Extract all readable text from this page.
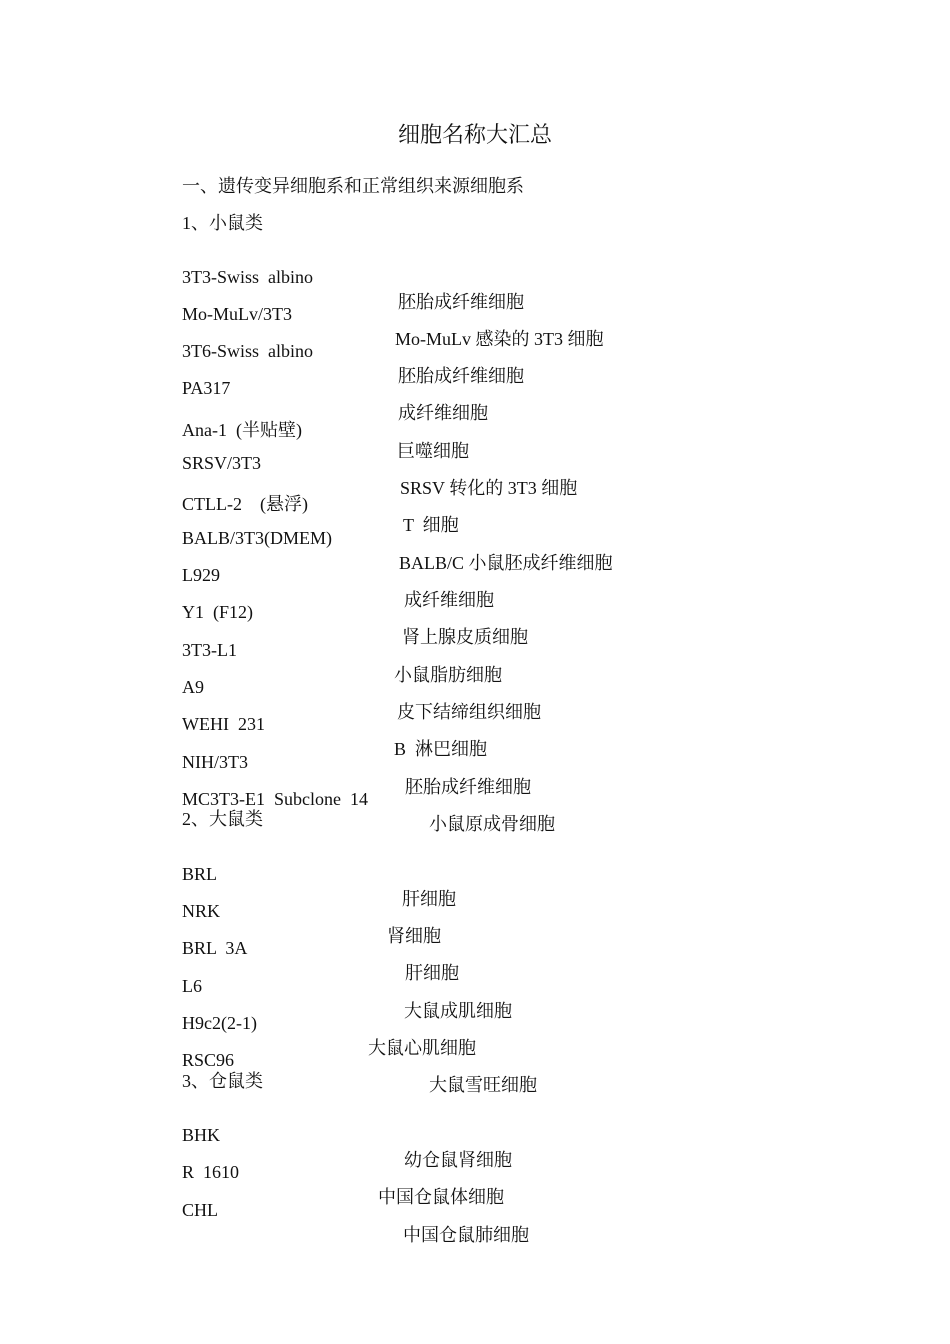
细胞名称大汇总
一、遗传变异细胞系和正常组织来源细胞系
1、小鼠类

3T3-Swiss  albino

胚胎成纤维细胞

Mo-MuLv/3T3

Mo-MuLv 感染的 3T3 细胞

3T6-Swiss  albino

胚胎成纤维细胞

PA317

成纤维细胞

Ana-1  (半贴壁)

巨噬细胞

SRSV/3T3

SRSV 转化的 3T3 细胞

CTLL-2    (悬浮)

T  细胞

BALB/3T3(DMEM)

BALB/C 小鼠胚成纤维细胞

L929

成纤维细胞

Y1  (F12)

肾上腺皮质细胞

3T3-L1

小鼠脂肪细胞

A9

皮下结缔组织细胞

WEHI  231

B  淋巴细胞

NIH/3T3

胚胎成纤维细胞

MC3T3-E1  Subclone  14

小鼠原成骨细胞

2、大鼠类

BRL

肝细胞

NRK

肾细胞

BRL  3A

肝细胞

L6

大鼠成肌细胞

H9c2(2-1)

大鼠心肌细胞

RSC96

大鼠雪旺细胞

3、仓鼠类

BHK

幼仓鼠肾细胞

R  1610

中国仓鼠体细胞

CHL

中国仓鼠肺细胞
